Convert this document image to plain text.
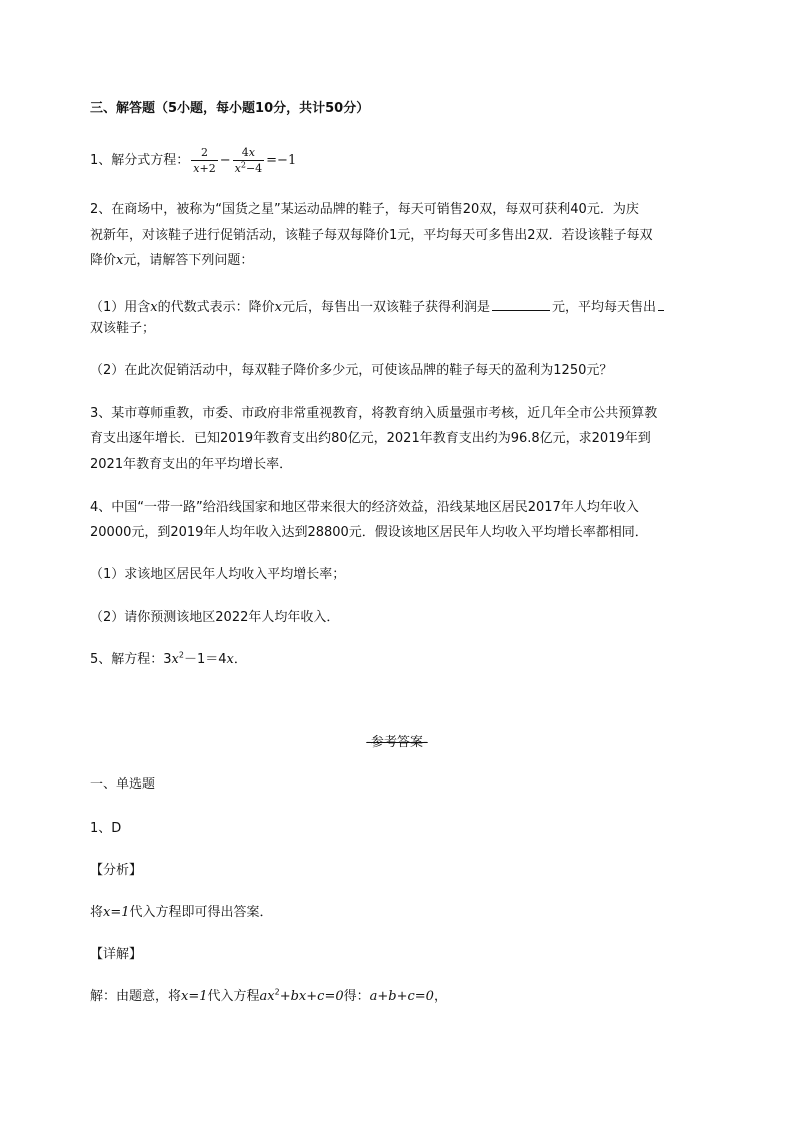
三、解答题（5小题，每小题10分，共计50分）
1、解分式方程： $\frac{2}{x+2} - \frac{4x}{x^2-4} =-1$
2、在商场中，被称为“国货之星”某运动品牌的鞋子，每天可销售20双，每双可获利40元．为庆
祝新年，对该鞋子进行促销活动，该鞋子每双每降价1元，平均每天可多售出2双．若设该鞋子每双
降价x元，请解答下列问题：
（1）用含x的代数式表示：降价x元后，每售出一双该鞋子获得利润是	元，平均每天售出
双该鞋子；
（2）在此次促销活动中，每双鞋子降价多少元，可使该品牌的鞋子每天的盈利为1250元？
3、某市尊师重教，市委、市政府非常重视教育，将教育纳入质量强市考核，近几年全市公共预算教
育支出逐年增长．已知2019年教育支出约80亿元，2021年教育支出约为96.8亿元，求2019年到
2021年教育支出的年平均增长率．
4、中国“一带一路”给沿线国家和地区带来很大的经济效益，沿线某地区居民2017年人均年收入
20000元，到2019年人均年收入达到28800元．假设该地区居民年人均收入平均增长率都相同．
（1）求该地区居民年人均收入平均增长率；
（2）请你预测该地区2022年人均年收入．
5、解方程：$3x^2-1=4x$．
-参考答案-
一、单选题
1、D
【分析】
将x=1代入方程即可得出答案．
【详解】
解：由题意，将x=1代入方程$ax^2+bx+c=0$得：a+b+c=0，
